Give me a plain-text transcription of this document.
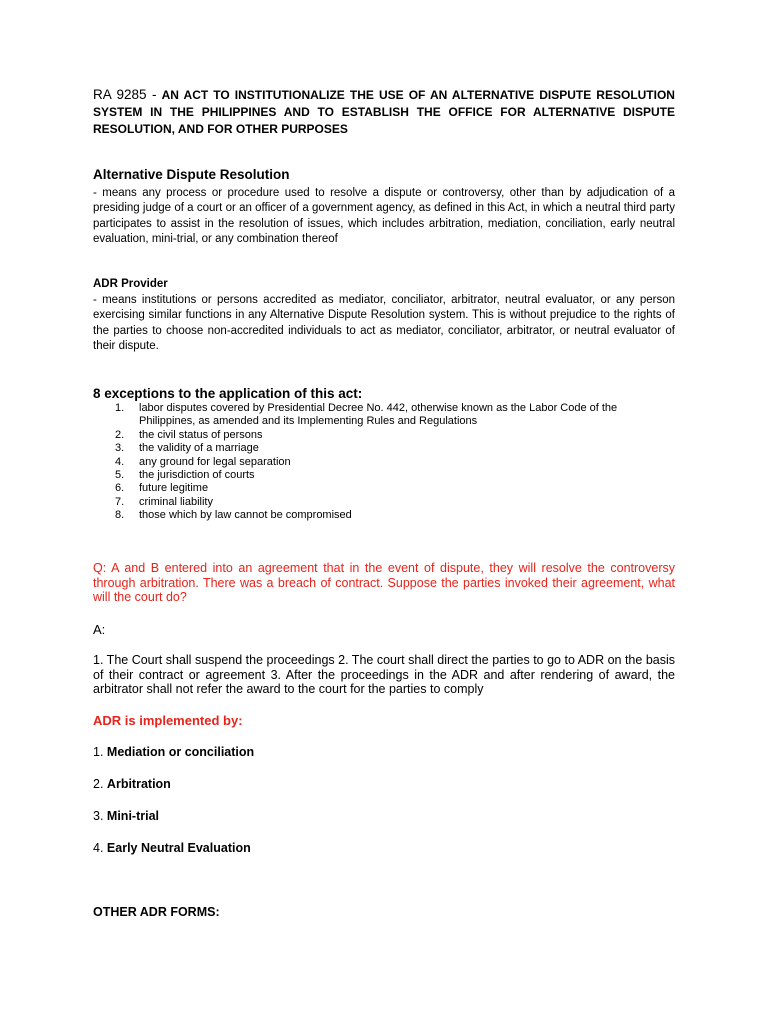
RA 9285 - AN ACT TO INSTITUTIONALIZE THE USE OF AN ALTERNATIVE DISPUTE RESOLUTION SYSTEM IN THE PHILIPPINES AND TO ESTABLISH THE OFFICE FOR ALTERNATIVE DISPUTE RESOLUTION, AND FOR OTHER PURPOSES
Alternative Dispute Resolution
- means any process or procedure used to resolve a dispute or controversy, other than by adjudication of a presiding judge of a court or an officer of a government agency, as defined in this Act, in which a neutral third party participates to assist in the resolution of issues, which includes arbitration, mediation, conciliation, early neutral evaluation, mini-trial, or any combination thereof
ADR Provider
- means institutions or persons accredited as mediator, conciliator, arbitrator, neutral evaluator, or any person exercising similar functions in any Alternative Dispute Resolution system. This is without prejudice to the rights of the parties to choose non-accredited individuals to act as mediator, conciliator, arbitrator, or neutral evaluator of their dispute.
8 exceptions to the application of this act:
1. labor disputes covered by Presidential Decree No. 442, otherwise known as the Labor Code of the Philippines, as amended and its Implementing Rules and Regulations
2. the civil status of persons
3. the validity of a marriage
4. any ground for legal separation
5. the jurisdiction of courts
6. future legitime
7. criminal liability
8. those which by law cannot be compromised
Q: A and B entered into an agreement that in the event of dispute, they will resolve the controversy through arbitration. There was a breach of contract. Suppose the parties invoked their agreement, what will the court do?
A:
1. The Court shall suspend the proceedings 2. The court shall direct the parties to go to ADR on the basis of their contract or agreement 3. After the proceedings in the ADR and after rendering of award, the arbitrator shall not refer the award to the court for the parties to comply
ADR is implemented by:
1. Mediation or conciliation
2. Arbitration
3. Mini-trial
4. Early Neutral Evaluation
OTHER ADR FORMS:
